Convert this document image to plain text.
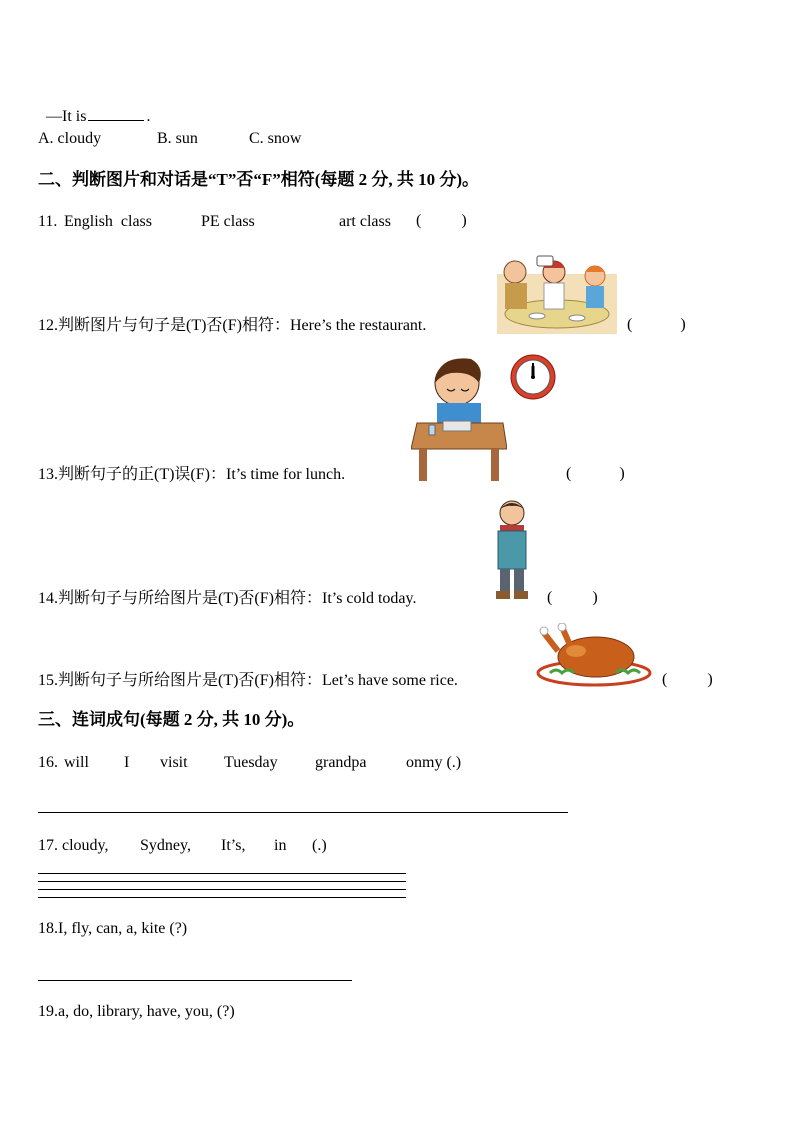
—It is	.

A. cloudy	B. sun	C. snow
二、判断图片和对话是“T”否“F”相符(每题 2 分, 共 10 分)。
11. English  class	PE class	art class (          )
12.判断图片与句子是(T)否(F)相符：Here’s the restaurant.	(            )
13.判断句子的正(T)误(F)：It’s time for lunch.	(            )
14.判断句子与所给图片是(T)否(F)相符：It’s cold today.	(          )
15.判断句子与所给图片是(T)否(F)相符：Let’s have some rice.	(          )
三、连词成句(每题 2 分, 共 10 分)。
16. will I visit Tuesday grandpa onmy (.)
17. cloudy, Sydney, It’s, in (.)
18.I, fly, can, a, kite (?)
19.a, do, library, have, you, (?)
